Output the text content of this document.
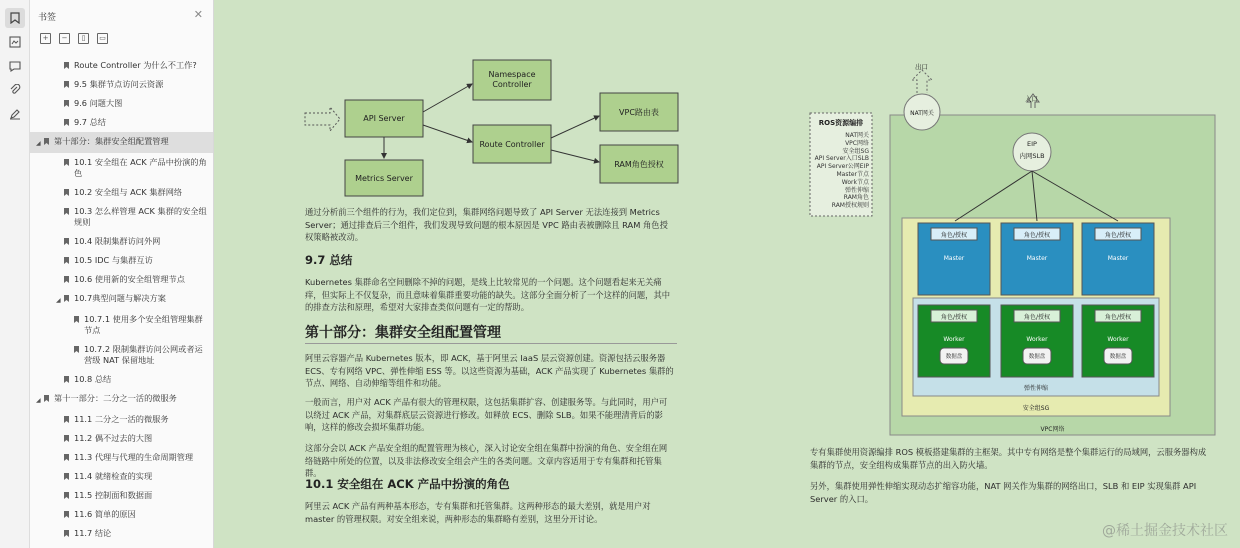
书签	✕
+	−	▯	▭
Route Controller 为什么不工作?
9.5 集群节点访问云资源
9.6 问题大图
9.7 总结
◢	第十部分：集群安全组配置管理
10.1 安全组在 ACK 产品中扮演的角色
10.2 安全组与 ACK 集群网络
10.3 怎么样管理 ACK 集群的安全组规则
10.4 限制集群访问外网
10.5 IDC 与集群互访
10.6 使用新的安全组管理节点
◢	10.7典型问题与解决方案
10.7.1 使用多个安全组管理集群节点
10.7.2 限制集群访问公网或者运营级 NAT 保留地址
10.8 总结
◢	第十一部分：二分之一活的微服务
11.1 二分之一活的微服务
11.2 偶不过去的大图
11.3 代理与代理的生命周期管理
11.4 就绪检查的实现
11.5 控制面和数据面
11.6 简单的原因
11.7 结论
API Server
Namespace Controller
Route Controller
Metrics Server
VPC路由表
RAM角色授权
通过分析前三个组件的行为，我们定位到，集群网络问题导致了 API Server 无法连接到 Metrics Server；通过排查后三个组件，我们发现导致问题的根本原因是 VPC 路由表被删除且 RAM 角色授权策略被改动。
9.7 总结
Kubernetes 集群命名空间删除不掉的问题，是线上比较常见的一个问题。这个问题看起来无关痛痒，但实际上不仅复杂，而且意味着集群重要功能的缺失。这部分全面分析了一个这样的问题，其中的排查方法和原理，希望对大家排查类似问题有一定的帮助。
第十部分：集群安全组配置管理
阿里云容器产品 Kubernetes 版本，即 ACK，基于阿里云 IaaS 层云资源创建。资源包括云服务器 ECS、专有网络 VPC、弹性伸缩 ESS 等。以这些资源为基础，ACK 产品实现了 Kubernetes 集群的节点、网络、自动伸缩等组件和功能。
一般而言，用户对 ACK 产品有很大的管理权限，这包括集群扩容、创建服务等。与此同时，用户可以绕过 ACK 产品，对集群底层云资源进行修改。如释放 ECS、删除 SLB。如果不能理清背后的影响，这样的修改会损坏集群功能。
这部分会以 ACK 产品安全组的配置管理为核心，深入讨论安全组在集群中扮演的角色、安全组在网络链路中所处的位置，以及非法修改安全组会产生的各类问题。文章内容适用于专有集群和托管集群。
10.1 安全组在 ACK 产品中扮演的角色
阿里云 ACK 产品有两种基本形态，专有集群和托管集群。这两种形态的最大差别，就是用户对 master 的管理权限。对安全组来说，两种形态的集群略有差别，这里分开讨论。
ROS资源编排
NAT网关
VPC网络
安全组SG
API Server入口SLB
API Server公网EIP
Master节点
Work节点
弹性伸缩
RAM角色
RAM授权规则
出口
NAT网关
入口
EIP
内网SLB
角色/授权	角色/授权	角色/授权
Master	Master	Master
角色/授权	角色/授权	角色/授权
Worker	Worker	Worker
数据盘	数据盘	数据盘
弹性伸缩
安全组SG
VPC网络
专有集群使用资源编排 ROS 模板搭建集群的主框架。其中专有网络是整个集群运行的局域网，云服务器构成集群的节点，安全组构成集群节点的出入防火墙。
另外，集群使用弹性伸缩实现动态扩缩容功能，NAT 网关作为集群的网络出口，SLB 和 EIP 实现集群 API Server 的入口。
@稀土掘金技术社区
